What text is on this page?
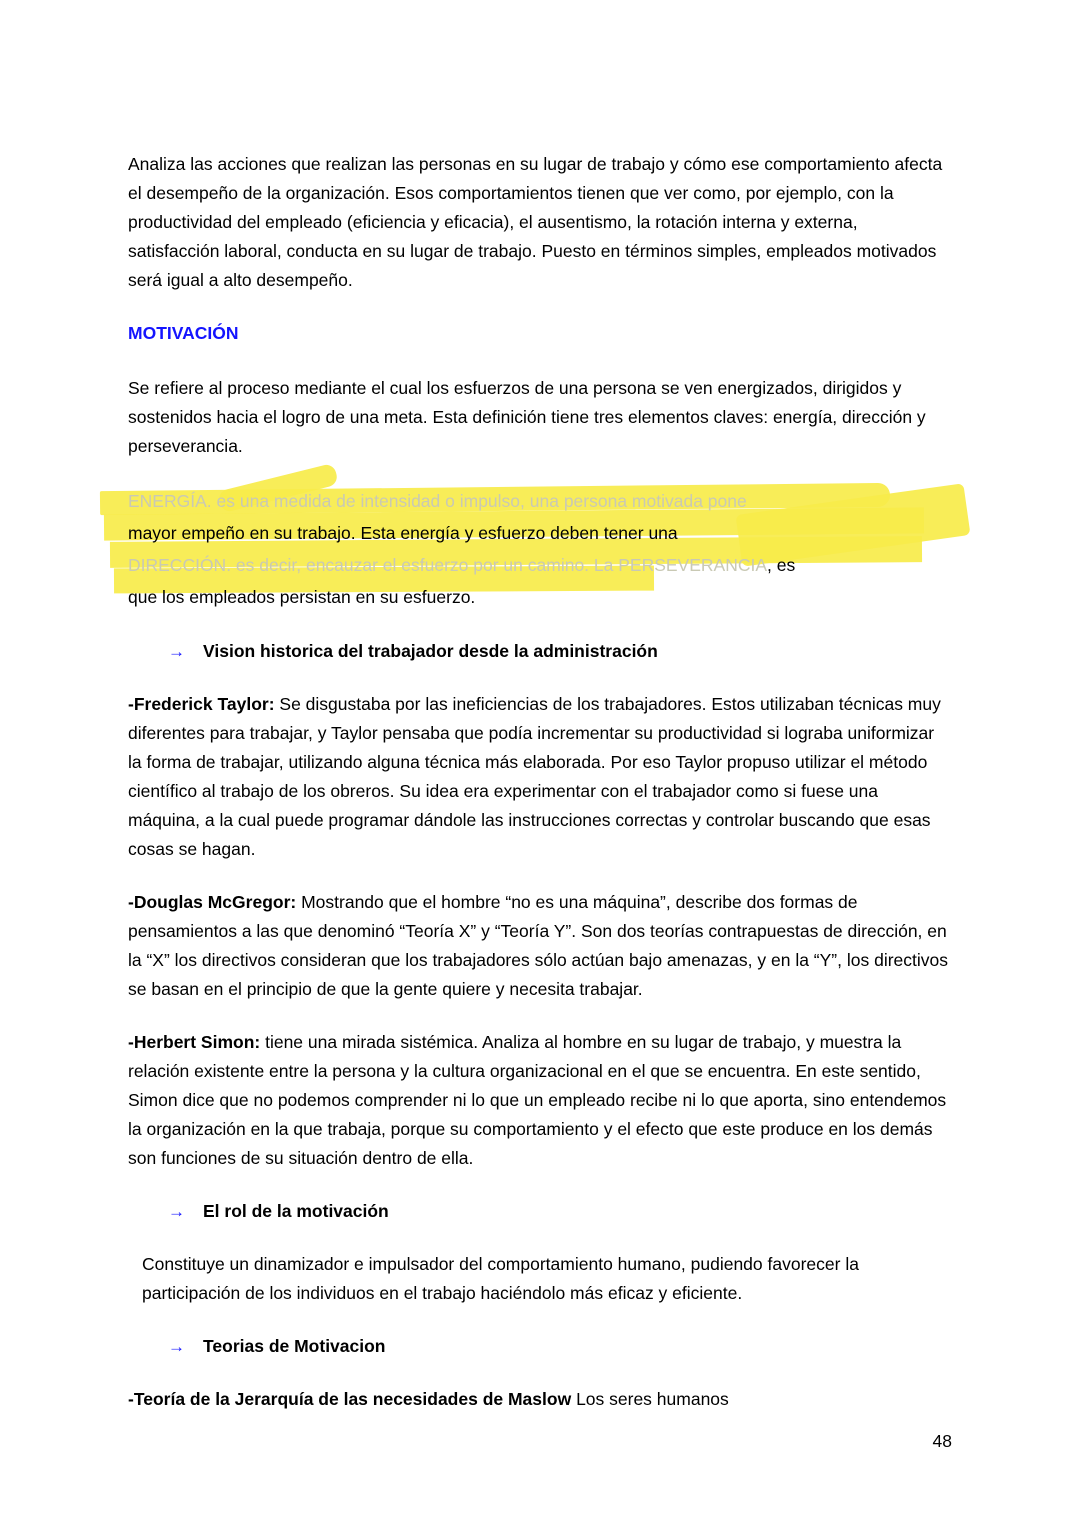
Analiza las acciones que realizan las personas en su lugar de trabajo y cómo ese comportamiento afecta el desempeño de la organización. Esos comportamientos tienen que ver como, por ejemplo, con la productividad del empleado (eficiencia y eficacia), el ausentismo, la rotación interna y externa, satisfacción laboral, conducta en su lugar de trabajo. Puesto en términos simples, empleados motivados será igual a alto desempeño.

MOTIVACIÓN

Se refiere al proceso mediante el cual los esfuerzos de una persona se ven energizados, dirigidos y sostenidos hacia el logro de una meta. Esta definición tiene tres elementos claves: energía, dirección y perseverancia.

ENERGÍA. es una medida de intensidad o impulso, una persona motivada pone
mayor empeño en su trabajo. Esta energía y esfuerzo deben tener una
DIRECCIÓN. es decir, encauzar el esfuerzo por un camino. La PERSEVERANCIA, es
que los empleados persistan en su esfuerzo.
→ Vision historica del trabajador desde la administración

-Frederick Taylor: Se disgustaba por las ineficiencias de los trabajadores. Estos utilizaban técnicas muy diferentes para trabajar, y Taylor pensaba que podía incrementar su productividad si lograba uniformizar la forma de trabajar, utilizando alguna técnica más elaborada. Por eso Taylor propuso utilizar el método científico al trabajo de los obreros. Su idea era experimentar con el trabajador como si fuese una máquina, a la cual puede programar dándole las instrucciones correctas y controlar buscando que esas cosas se hagan.

-Douglas McGregor: Mostrando que el hombre “no es una máquina”, describe dos formas de pensamientos a las que denominó “Teoría X” y “Teoría Y”. Son dos teorías contrapuestas de dirección, en la “X” los directivos consideran que los trabajadores sólo actúan bajo amenazas, y en la “Y”, los directivos se basan en el principio de que la gente quiere y necesita trabajar.

-Herbert Simon: tiene una mirada sistémica. Analiza al hombre en su lugar de trabajo, y muestra la relación existente entre la persona y la cultura organizacional en el que se encuentra. En este sentido, Simon dice que no podemos comprender ni lo que un empleado recibe ni lo que aporta, sino entendemos la organización en la que trabaja, porque su comportamiento y el efecto que este produce en los demás son funciones de su situación dentro de ella.

→ El rol de la motivación

Constituye un dinamizador e impulsador del comportamiento humano, pudiendo favorecer la participación de los individuos en el trabajo haciéndolo más eficaz y eficiente.

→ Teorias de Motivacion

-Teoría de la Jerarquía de las necesidades de Maslow Los seres humanos

48
